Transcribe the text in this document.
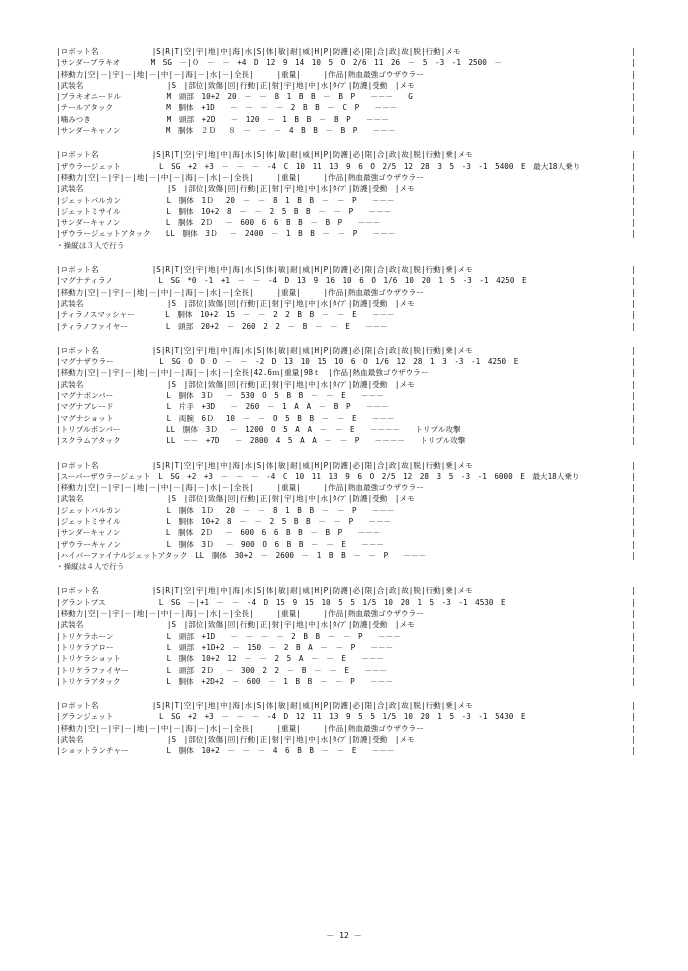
|ロボット名　　　　　　　|S|R|T|空|宇|地|中|海|水|S|体|敏|耐|威|H|P|防護|必|限|合|政|故|脱|行動|メモ	|
|サンダーブラキオ　　　　M　SG　－|０　－　－　+4　D　12　9　14　10　5　O　2/6　11　26　－　5　-3　-1　2500　－	|
|移動力|空|－|宇|－|地|－|中|－|海|－|水|－|全長|　　　|重量|　　　|作品|熱血最強ゴウザウラー	|
|武装名　　　　　　　　　　　|S　|部位|致傷|回|行動|正|射|宇|地|中|水|ﾀｲﾌﾟ|防護|受動　|メモ	|
|ブラキオニードル　　　　　　M　頭部　10+2　20　－　－　8　1　B　B　－　B　P　　－－－　　G	|
|テールアタック　　　　　　　M　胴体　+1D　　－　－　－　－　2　B　B　－　C　P　　－－－	|
|噛みつき　　　　　　　　　　M　頭部　+2D　　－　120　－　1　B　B　－　B　P　　－－－	|
|サンダーキャノン　　　　　　M　胴体　２Ｄ　 ８　－　－　－　4　B　B　－　B　P　　－－－	|
|ロボット名　　　　　　　|S|R|T|空|宇|地|中|海|水|S|体|敏|耐|威|H|P|防護|必|限|合|政|故|脱|行動|乗|メモ	|
|ザウラージェット　　　　　L　SG　+2　+3　－　－　－　-4　C　10　11　13　9　6　O　2/5　12　28　3　5　-3　-1　5400　E　最大18人乗り	|
|移動力|空|－|宇|－|地|－|中|－|海|－|水|－|全長|　　　|重量|　　　|作品|熱血最強ゴウザウラー	|
|武装名　　　　　　　　　　　|S　|部位|致傷|回|行動|正|射|宇|地|中|水|ﾀｲﾌﾟ|防護|受動　|メモ	|
|ジェットバルカン　　　　　　L　胴体　1Ｄ　 20　－　－　8　1　B　B　－　－　P　　－－－	|
|ジェットミサイル　　　　　　L　胴体　10+2　8　－　－　2　5　B　B　－　－　P　　－－－	|
|サンダーキャノン　　　　　　L　胴体　2Ｄ　 －　600　6　6　B　B　－　B　P　　－－－	|
|ザウラージェットアタック　　LL　胴体　3Ｄ　 －　2400　－　1　B　B　－　－　P　　－－－	|
・操縦は３人で行う
|ロボット名　　　　　　　|S|R|T|空|宇|地|中|海|水|S|体|敏|耐|威|H|P|防護|必|限|合|政|故|脱|行動|乗|メモ	|
|マグナティラノ　　　　　　L　SG　*0　-1　+1　－　－　-4　D　13　9　16　10　6　O　1/6　10　20　1　5　-3　-1　4250　E	|
|移動力|空|－|宇|－|地|－|中|－|海|－|水|－|全長|　　　|重量|　　　|作品|熱血最強ゴウザウラー	|
|武装名　　　　　　　　　　　|S　|部位|致傷|回|行動|正|射|宇|地|中|水|ﾀｲﾌﾟ|防護|受動　|メモ	|
|ティラノスマッシャー　　　　L　胴体　10+2　15　－　－　2　2　B　B　－　－　E　　－－－	|
|ティラノファイヤー　　　　　L　頭部　20+2　－　260　2　2　－　B　－　－　E　　－－－	|
|ロボット名　　　　　　　|S|R|T|空|宇|地|中|海|水|S|体|敏|耐|威|H|P|防護|必|限|合|政|故|脱|行動|乗|メモ	|
|マグナザウラー　　　　　　L　SG　O　O　O　－　－　-2　D　13　10　15　10　6　O　1/6　12　28　1　3　-3　-1　4250　E	|
|移動力|空|－|宇|－|地|－|中|－|海|－|水|－|全長|42.6ｍ|重量|98ｔ　|作品|熱血最強ゴウザウラー	|
|武装名　　　　　　　　　　　|S　|部位|致傷|回|行動|正|射|宇|地|中|水|ﾀｲﾌﾟ|防護|受動　|メモ	|
|マグナボンバー　　　　　　　L　胴体　3Ｄ　 －　530　O　5　B　B　－　－　E　　－－－	|
|マグナブレード　　　　　　　L　片手　+3D　　－　260　－　1　A　A　－　B　P　　－－－	|
|マグナショット　　　　　　　L　両腕　6Ｄ　 10　－　－　O　5　B　B　－　－　E　　－－－	|
|トリプルボンバー　　　　　　LL　胴体　3Ｄ　 －　1200　O　5　A　A　－　－　E　　－－－－　　トリプル攻撃	|
|スクラムアタック　　　　　　LL　－－　+7D　　－　2800　4　5　A　A　－　－　P　　－－－－　　トリプル攻撃	|
|ロボット名　　　　　　　|S|R|T|空|宇|地|中|海|水|S|体|敏|耐|威|H|P|防護|必|限|合|政|故|脱|行動|乗|メモ	|
|スーパーザウラージェット　L　SG　+2　+3　－　－　－　-4　C　10　11　13　9　6　O　2/5　12　28　3　5　-3　-1　6000　E　最大18人乗り	|
|移動力|空|－|宇|－|地|－|中|－|海|－|水|－|全長|　　　|重量|　　　|作品|熱血最強ゴウザウラー	|
|武装名　　　　　　　　　　　|S　|部位|致傷|回|行動|正|射|宇|地|中|水|ﾀｲﾌﾟ|防護|受動　|メモ	|
|ジェットバルカン　　　　　　L　胴体　1Ｄ　 20　－　－　8　1　B　B　－　－　P　　－－－	|
|ジェットミサイル　　　　　　L　胴体　10+2　8　－　－　2　5　B　B　－　－　P　　－－－	|
|サンダーキャノン　　　　　　L　胴体　2Ｄ　 －　600　6　6　B　B　－　B　P　　－－－	|
|ザウラーキャノン　　　　　　L　胴体　3Ｄ　 －　900　O　6　B　B　－　－　E　　－－－	|
|ハイパーファイナルジェットアタック　LL　胴体　30+2　－　2600　－　1　B　B　－　－　P　　－－－	|
・操縦は４人で行う
|ロボット名　　　　　　　|S|R|T|空|宇|地|中|海|水|S|体|敏|耐|威|H|P|防護|必|限|合|政|故|脱|行動|乗|メモ	|
|グラントプス　　　　　　　L　SG　－|+1　－　－　-4　D　15　9　15　10　5　5　1/5　10　20　1　5　-3　-1　4530　E	|
|移動力|空|－|宇|－|地|－|中|－|海|－|水|－|全長|　　　|重量|　　　|作品|熱血最強ゴウザウラー	|
|武装名　　　　　　　　　　　|S　|部位|致傷|回|行動|正|射|宇|地|中|水|ﾀｲﾌﾟ|防護|受動　|メモ	|
|トリケラホーン　　　　　　　L　頭部　+1D　　－　－　－　－　2　B　B　－　－　P　　－－－	|
|トリケラアロー　　　　　　　L　頭部　+1D+2　－　150　－　2　B　A　－　－　P　　－－－	|
|トリケラショット　　　　　　L　胴体　10+2　12　－　－　2　5　A　－　－　E　　－－－	|
|トリケラファイヤー　　　　　L　頭部　2Ｄ　 －　300　2　2　－　B　－　－　E　　－－－	|
|トリケラアタック　　　　　　L　胴体　+2D+2　－　600　－　1　B　B　－　－　P　　－－－	|
|ロボット名　　　　　　　|S|R|T|空|宇|地|中|海|水|S|体|敏|耐|威|H|P|防護|必|限|合|政|故|脱|行動|乗|メモ	|
|グランジェット　　　　　　L　SG　+2　+3　－　－　－　-4　D　12　11　13　9　5　5　1/5　10　20　1　5　-3　-1　5430　E	|
|移動力|空|－|宇|－|地|－|中|－|海|－|水|－|全長|　　　|重量|　　　|作品|熱血最強ゴウザウラー	|
|武装名　　　　　　　　　　　|S　|部位|致傷|回|行動|正|射|宇|地|中|水|ﾀｲﾌﾟ|防護|受動　|メモ	|
|ショットランチャー　　　　　L　胴体　10+2　－　－　－　4　6　B　B　－　－　E　　－－－	|
－ 12 －
